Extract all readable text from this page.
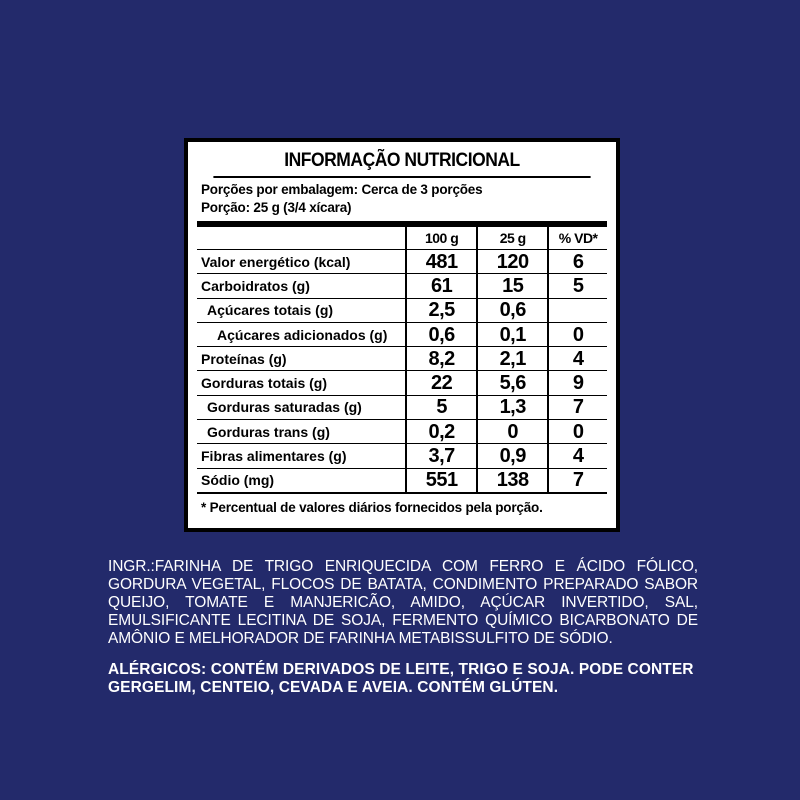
INFORMAÇÃO NUTRICIONAL
Porções por embalagem: Cerca de 3 porções
Porção: 25 g (3/4 xícara)
	100 g	25 g	% VD*
Valor energético (kcal)	481	120	6
Carboidratos (g)	61	15	5
Açúcares totais (g)	2,5	0,6	
Açúcares adicionados (g)	0,6	0,1	0
Proteínas (g)	8,2	2,1	4
Gorduras totais (g)	22	5,6	9
Gorduras saturadas (g)	5	1,3	7
Gorduras trans (g)	0,2	0	0
Fibras alimentares (g)	3,7	0,9	4
Sódio (mg)	551	138	7
* Percentual de valores diários fornecidos pela porção.
INGR.:FARINHA DE TRIGO ENRIQUECIDA COM FERRO E ÁCIDO FÓLICO, GORDURA VEGETAL, FLOCOS DE BATATA, CONDIMENTO PREPARADO SABOR QUEIJO, TOMATE E MANJERICÃO, AMIDO, AÇÚCAR INVERTIDO, SAL, EMULSIFICANTE LECITINA DE SOJA, FERMENTO QUÍMICO BICARBONATO DE AMÔNIO E MELHORADOR DE FARINHA METABISSULFITO DE SÓDIO.
ALÉRGICOS: CONTÉM DERIVADOS DE LEITE, TRIGO E SOJA. PODE CONTER GERGELIM, CENTEIO, CEVADA E AVEIA. CONTÉM GLÚTEN.
